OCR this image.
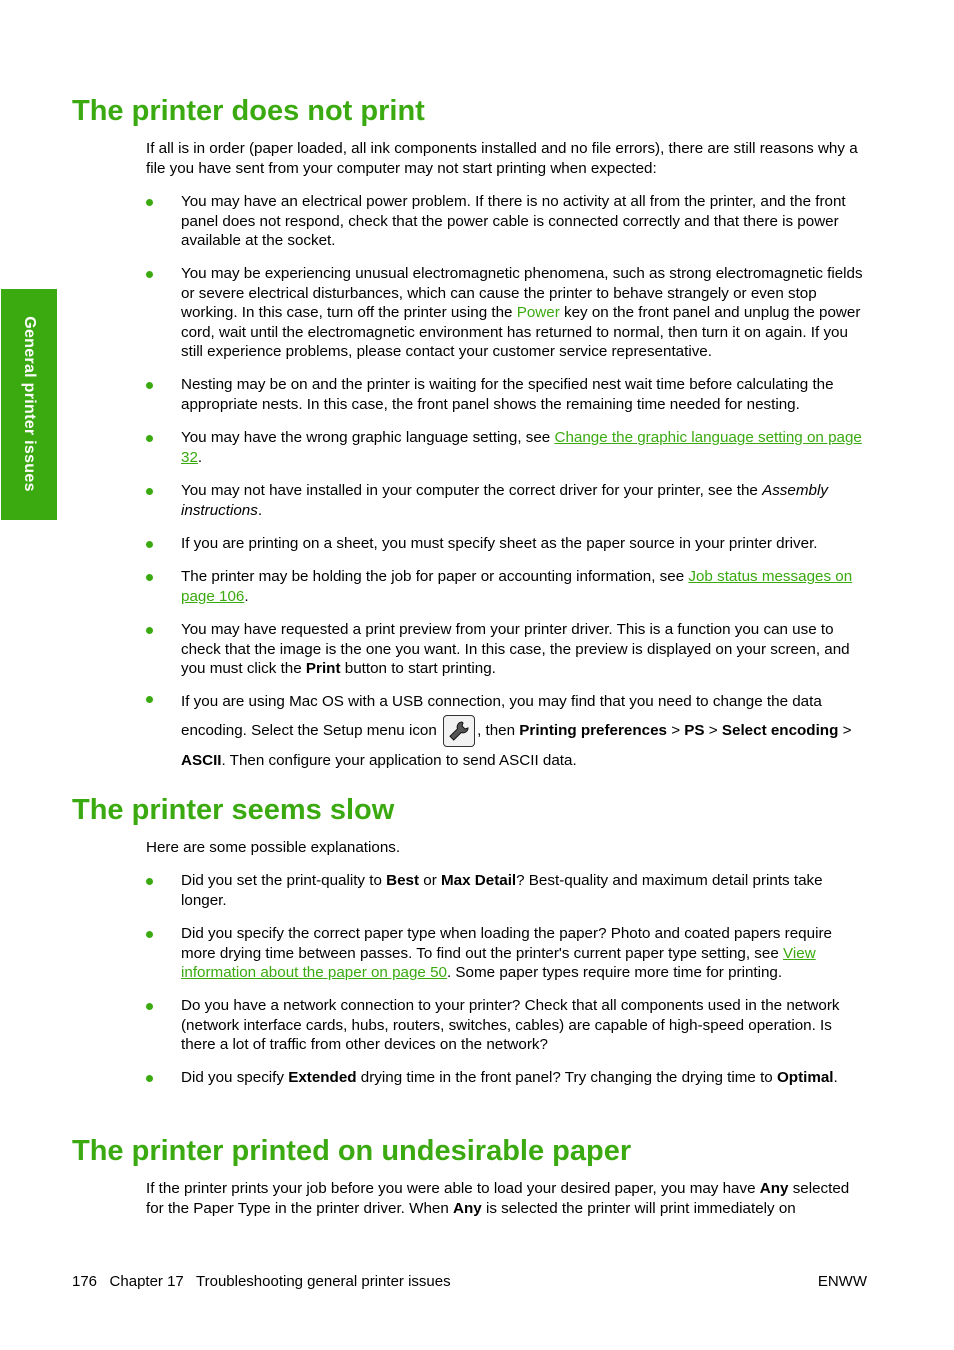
General printer issues
The printer does not print

If all is in order (paper loaded, all ink components installed and no file errors), there are still reasons why a file you have sent from your computer may not start printing when expected:

You may have an electrical power problem. If there is no activity at all from the printer, and the front panel does not respond, check that the power cable is connected correctly and that there is power available at the socket.
You may be experiencing unusual electromagnetic phenomena, such as strong electromagnetic fields or severe electrical disturbances, which can cause the printer to behave strangely or even stop working. In this case, turn off the printer using the Power key on the front panel and unplug the power cord, wait until the electromagnetic environment has returned to normal, then turn it on again. If you still experience problems, please contact your customer service representative.
Nesting may be on and the printer is waiting for the specified nest wait time before calculating the appropriate nests. In this case, the front panel shows the remaining time needed for nesting.
You may have the wrong graphic language setting, see Change the graphic language setting on page 32.
You may not have installed in your computer the correct driver for your printer, see the Assembly instructions.
If you are printing on a sheet, you must specify sheet as the paper source in your printer driver.
The printer may be holding the job for paper or accounting information, see Job status messages on page 106.
You may have requested a print preview from your printer driver. This is a function you can use to check that the image is the one you want. In this case, the preview is displayed on your screen, and you must click the Print button to start printing.
If you are using Mac OS with a USB connection, you may find that you need to change the data encoding. Select the Setup menu icon
, then Printing preferences > PS > Select encoding > ASCII. Then configure your application to send ASCII data.
The printer seems slow

Here are some possible explanations.

Did you set the print-quality to Best or Max Detail? Best-quality and maximum detail prints take longer.
Did you specify the correct paper type when loading the paper? Photo and coated papers require more drying time between passes. To find out the printer's current paper type setting, see View information about the paper on page 50. Some paper types require more time for printing.
Do you have a network connection to your printer? Check that all components used in the network (network interface cards, hubs, routers, switches, cables) are capable of high-speed operation. Is there a lot of traffic from other devices on the network?
Did you specify Extended drying time in the front panel? Try changing the drying time to Optimal.
The printer printed on undesirable paper

If the printer prints your job before you were able to load your desired paper, you may have Any selected for the Paper Type in the printer driver. When Any is selected the printer will print immediately on

176 Chapter 17 Troubleshooting general printer issues	ENWW
